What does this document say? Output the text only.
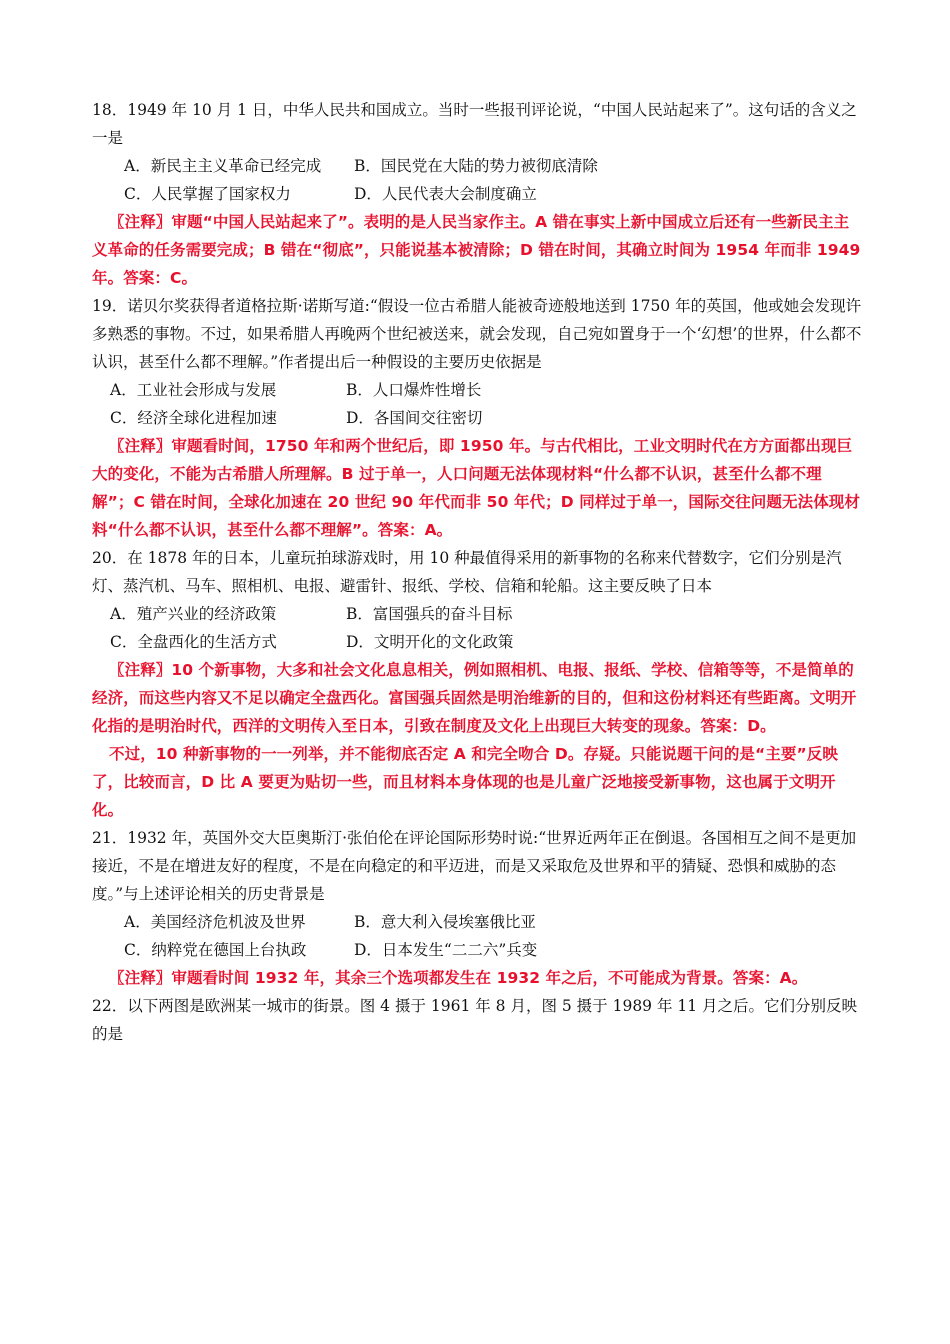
18．1949 年 10 月 1 日，中华人民共和国成立。当时一些报刊评论说，“中国人民站起来了”。这句话的含义之一是

A．新民主主义革命已经完成	B．国民党在大陆的势力被彻底清除
C．人民掌握了国家权力	D．人民代表大会制度确立

〖注释〗审题“中国人民站起来了”。表明的是人民当家作主。A 错在事实上新中国成立后还有一些新民主主义革命的任务需要完成；B 错在“彻底”，只能说基本被清除；D 错在时间，其确立时间为 1954 年而非 1949 年。答案：C。

19．诺贝尔奖获得者道格拉斯·诺斯写道:“假设一位古希腊人能被奇迹般地送到 1750 年的英国，他或她会发现许多熟悉的事物。不过，如果希腊人再晚两个世纪被送来，就会发现，自己宛如置身于一个‘幻想’的世界，什么都不认识，甚至什么都不理解。”作者提出后一种假设的主要历史依据是

A．工业社会形成与发展	B．人口爆炸性增长
C．经济全球化进程加速	D．各国间交往密切

〖注释〗审题看时间，1750 年和两个世纪后，即 1950 年。与古代相比，工业文明时代在方方面都出现巨大的变化，不能为古希腊人所理解。B 过于单一，人口问题无法体现材料“什么都不认识，甚至什么都不理解”；C 错在时间，全球化加速在 20 世纪 90 年代而非 50 年代；D 同样过于单一，国际交往问题无法体现材料“什么都不认识，甚至什么都不理解”。答案：A。

20．在 1878 年的日本，儿童玩拍球游戏时，用 10 种最值得采用的新事物的名称来代替数字，它们分别是汽灯、蒸汽机、马车、照相机、电报、避雷针、报纸、学校、信箱和轮船。这主要反映了日本

A．殖产兴业的经济政策	B．富国强兵的奋斗目标
C．全盘西化的生活方式	D．文明开化的文化政策

〖注释〗10 个新事物，大多和社会文化息息相关，例如照相机、电报、报纸、学校、信箱等等，不是简单的经济，而这些内容又不足以确定全盘西化。富国强兵固然是明治维新的目的，但和这份材料还有些距离。文明开化指的是明治时代，西洋的文明传入至日本，引致在制度及文化上出现巨大转变的现象。答案：D。

不过，10 种新事物的一一列举，并不能彻底否定 A 和完全吻合 D。存疑。只能说题干问的是“主要”反映了，比较而言，D 比 A 要更为贴切一些，而且材料本身体现的也是儿童广泛地接受新事物，这也属于文明开化。

21．1932 年，英国外交大臣奥斯汀·张伯伦在评论国际形势时说:“世界近两年正在倒退。各国相互之间不是更加接近，不是在增进友好的程度，不是在向稳定的和平迈进，而是又采取危及世界和平的猜疑、恐惧和威胁的态度。”与上述评论相关的历史背景是

A．美国经济危机波及世界	B．意大利入侵埃塞俄比亚
C．纳粹党在德国上台执政	D．日本发生“二二六”兵变

〖注释〗审题看时间 1932 年，其余三个选项都发生在 1932 年之后，不可能成为背景。答案：A。

22．以下两图是欧洲某一城市的街景。图 4 摄于 1961 年 8 月，图 5 摄于 1989 年 11 月之后。它们分别反映的是
